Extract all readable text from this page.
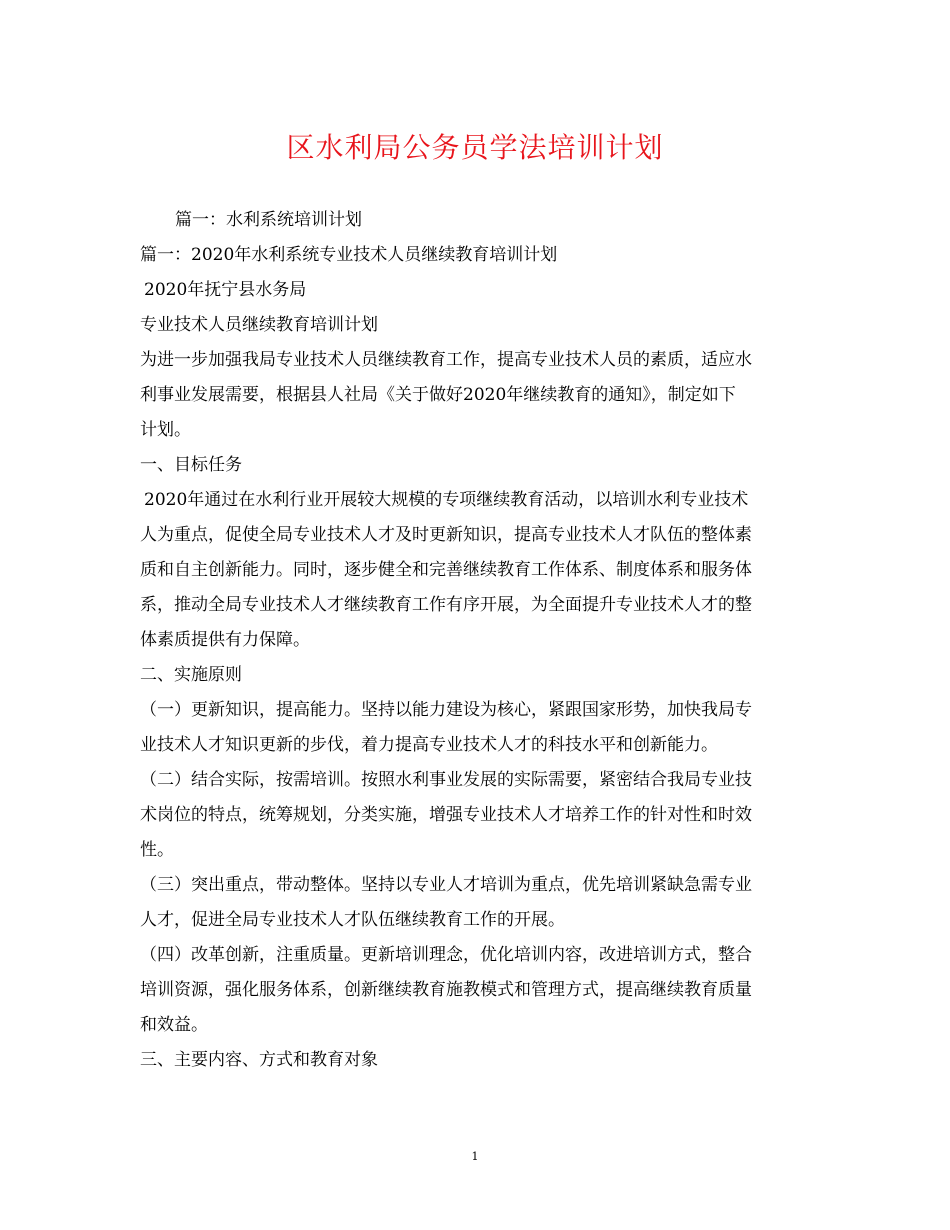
区水利局公务员学法培训计划
篇一：水利系统培训计划
篇一：2020年水利系统专业技术人员继续教育培训计划
2020年抚宁县水务局
专业技术人员继续教育培训计划
为进一步加强我局专业技术人员继续教育工作，提高专业技术人员的素质，适应水
利事业发展需要，根据县人社局《关于做好2020年继续教育的通知》，制定如下
计划。
一、目标任务
2020年通过在水利行业开展较大规模的专项继续教育活动，以培训水利专业技术
人为重点，促使全局专业技术人才及时更新知识，提高专业技术人才队伍的整体素
质和自主创新能力。同时，逐步健全和完善继续教育工作体系、制度体系和服务体
系，推动全局专业技术人才继续教育工作有序开展，为全面提升专业技术人才的整
体素质提供有力保障。
二、实施原则
（一）更新知识，提高能力。坚持以能力建设为核心，紧跟国家形势，加快我局专
业技术人才知识更新的步伐，着力提高专业技术人才的科技水平和创新能力。
（二）结合实际，按需培训。按照水利事业发展的实际需要，紧密结合我局专业技
术岗位的特点，统筹规划，分类实施，增强专业技术人才培养工作的针对性和时效
性。
（三）突出重点，带动整体。坚持以专业人才培训为重点，优先培训紧缺急需专业
人才，促进全局专业技术人才队伍继续教育工作的开展。
（四）改革创新，注重质量。更新培训理念，优化培训内容，改进培训方式，整合
培训资源，强化服务体系，创新继续教育施教模式和管理方式，提高继续教育质量
和效益。
三、主要内容、方式和教育对象
1
